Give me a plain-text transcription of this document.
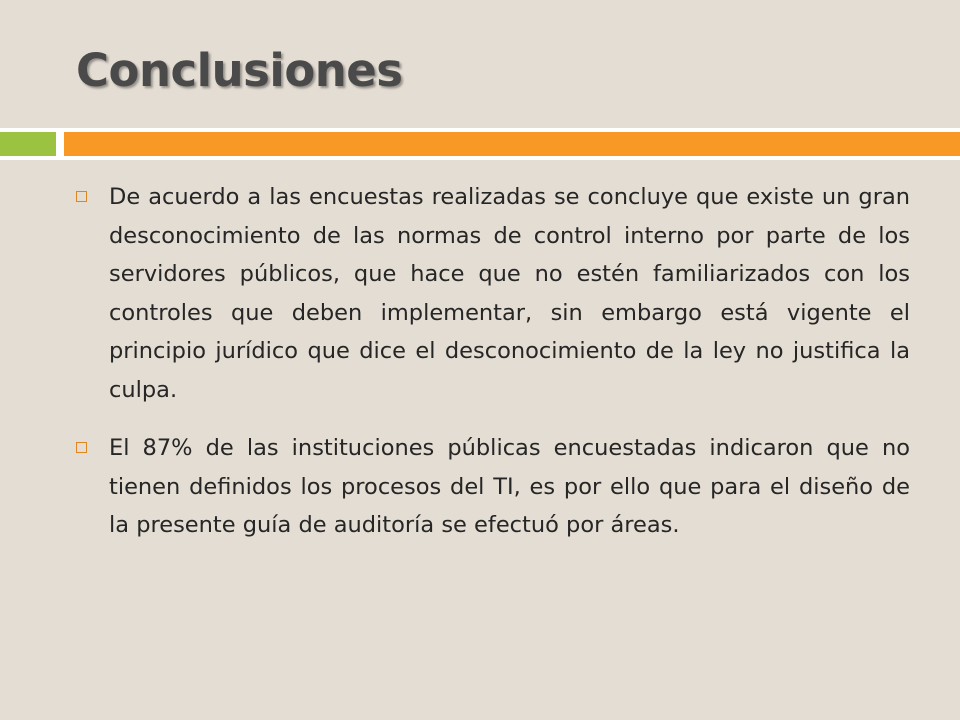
Conclusiones

De acuerdo a las encuestas realizadas se concluye que existe un gran desconocimiento de las normas de control interno por parte de los servidores públicos, que hace que no estén familiarizados con los controles que deben implementar, sin embargo está vigente el principio jurídico que dice el desconocimiento de la ley no justifica la culpa.

El 87% de las instituciones públicas encuestadas indicaron que no tienen definidos los procesos del TI, es por ello que para el diseño de la presente guía de auditoría se efectuó por áreas.
